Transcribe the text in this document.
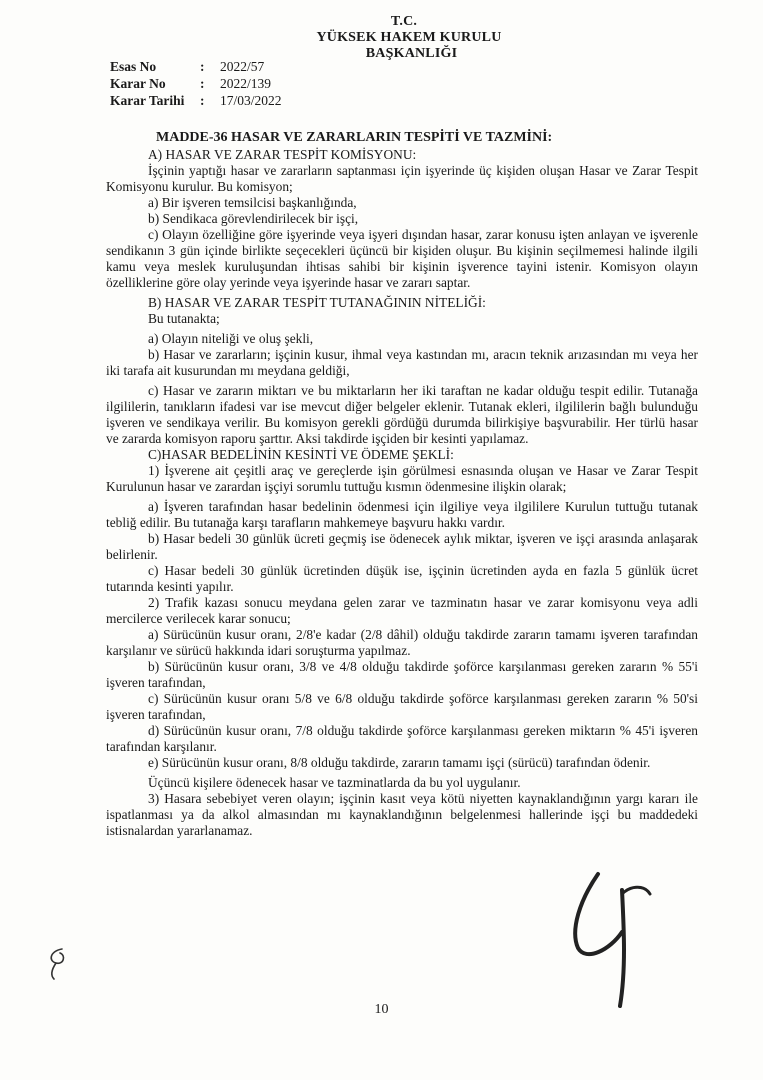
T.C.
YÜKSEK HAKEM KURULU
BAŞKANLIĞI
Esas No	:	2022/57
Karar No	:	2022/139
Karar Tarihi	:	17/03/2022
MADDE-36 HASAR VE ZARARLARIN TESPİTİ VE TAZMİNİ:
A) HASAR VE ZARAR TESPİT KOMİSYONU:

İşçinin yaptığı hasar ve zararların saptanması için işyerinde üç kişiden oluşan Hasar ve Zarar Tespit Komisyonu kurulur. Bu komisyon;

a) Bir işveren temsilcisi başkanlığında,
b) Sendikaca görevlendirilecek bir işçi,

c) Olayın özelliğine göre işyerinde veya işyeri dışından hasar, zarar konusu işten anlayan ve işverenle sendikanın 3 gün içinde birlikte seçecekleri üçüncü bir kişiden oluşur. Bu kişinin seçilmemesi halinde ilgili kamu veya meslek kuruluşundan ihtisas sahibi bir kişinin işverence tayini istenir. Komisyon olayın özelliklerine göre olay yerinde veya işyerinde hasar ve zararı saptar.

B) HASAR VE ZARAR TESPİT TUTANAĞININ NİTELİĞİ:
Bu tutanakta;
a) Olayın niteliği ve oluş şekli,

b) Hasar ve zararların; işçinin kusur, ihmal veya kastından mı, aracın teknik arızasından mı veya her iki tarafa ait kusurundan mı meydana geldiği,

c) Hasar ve zararın miktarı ve bu miktarların her iki taraftan ne kadar olduğu tespit edilir. Tutanağa ilgililerin, tanıkların ifadesi var ise mevcut diğer belgeler eklenir. Tutanak ekleri, ilgililerin bağlı bulunduğu işveren ve sendikaya verilir. Bu komisyon gerekli gördüğü durumda bilirkişiye başvurabilir. Her türlü hasar ve zararda komisyon raporu şarttır. Aksi takdirde işçiden bir kesinti yapılamaz.

C)HASAR BEDELİNİN KESİNTİ VE ÖDEME ŞEKLİ:

1) İşverene ait çeşitli araç ve gereçlerde işin görülmesi esnasında oluşan ve Hasar ve Zarar Tespit Kurulunun hasar ve zarardan işçiyi sorumlu tuttuğu kısmın ödenmesine ilişkin olarak;

a) İşveren tarafından hasar bedelinin ödenmesi için ilgiliye veya ilgililere Kurulun tuttuğu tutanak tebliğ edilir. Bu tutanağa karşı tarafların mahkemeye başvuru hakkı vardır.

b) Hasar bedeli 30 günlük ücreti geçmiş ise ödenecek aylık miktar, işveren ve işçi arasında anlaşarak belirlenir.

c) Hasar bedeli 30 günlük ücretinden düşük ise, işçinin ücretinden ayda en fazla 5 günlük ücret tutarında kesinti yapılır.

2) Trafik kazası sonucu meydana gelen zarar ve tazminatın hasar ve zarar komisyonu veya adli mercilerce verilecek karar sonucu;

a) Sürücünün kusur oranı, 2/8'e kadar (2/8 dâhil) olduğu takdirde zararın tamamı işveren tarafından karşılanır ve sürücü hakkında idari soruşturma yapılmaz.

b) Sürücünün kusur oranı, 3/8 ve 4/8 olduğu takdirde şoförce karşılanması gereken zararın % 55'i işveren tarafından,

c) Sürücünün kusur oranı 5/8 ve 6/8 olduğu takdirde şoförce karşılanması gereken zararın % 50'si işveren tarafından,

d) Sürücünün kusur oranı, 7/8 olduğu takdirde şoförce karşılanması gereken miktarın % 45'i işveren tarafından karşılanır.

e) Sürücünün kusur oranı, 8/8 olduğu takdirde, zararın tamamı işçi (sürücü) tarafından ödenir.

Üçüncü kişilere ödenecek hasar ve tazminatlarda da bu yol uygulanır.

3) Hasara sebebiyet veren olayın; işçinin kasıt veya kötü niyetten kaynaklandığının yargı kararı ile ispatlanması ya da alkol almasından mı kaynaklandığının belgelenmesi hallerinde işçi bu maddedeki istisnalardan yararlanamaz.

10
